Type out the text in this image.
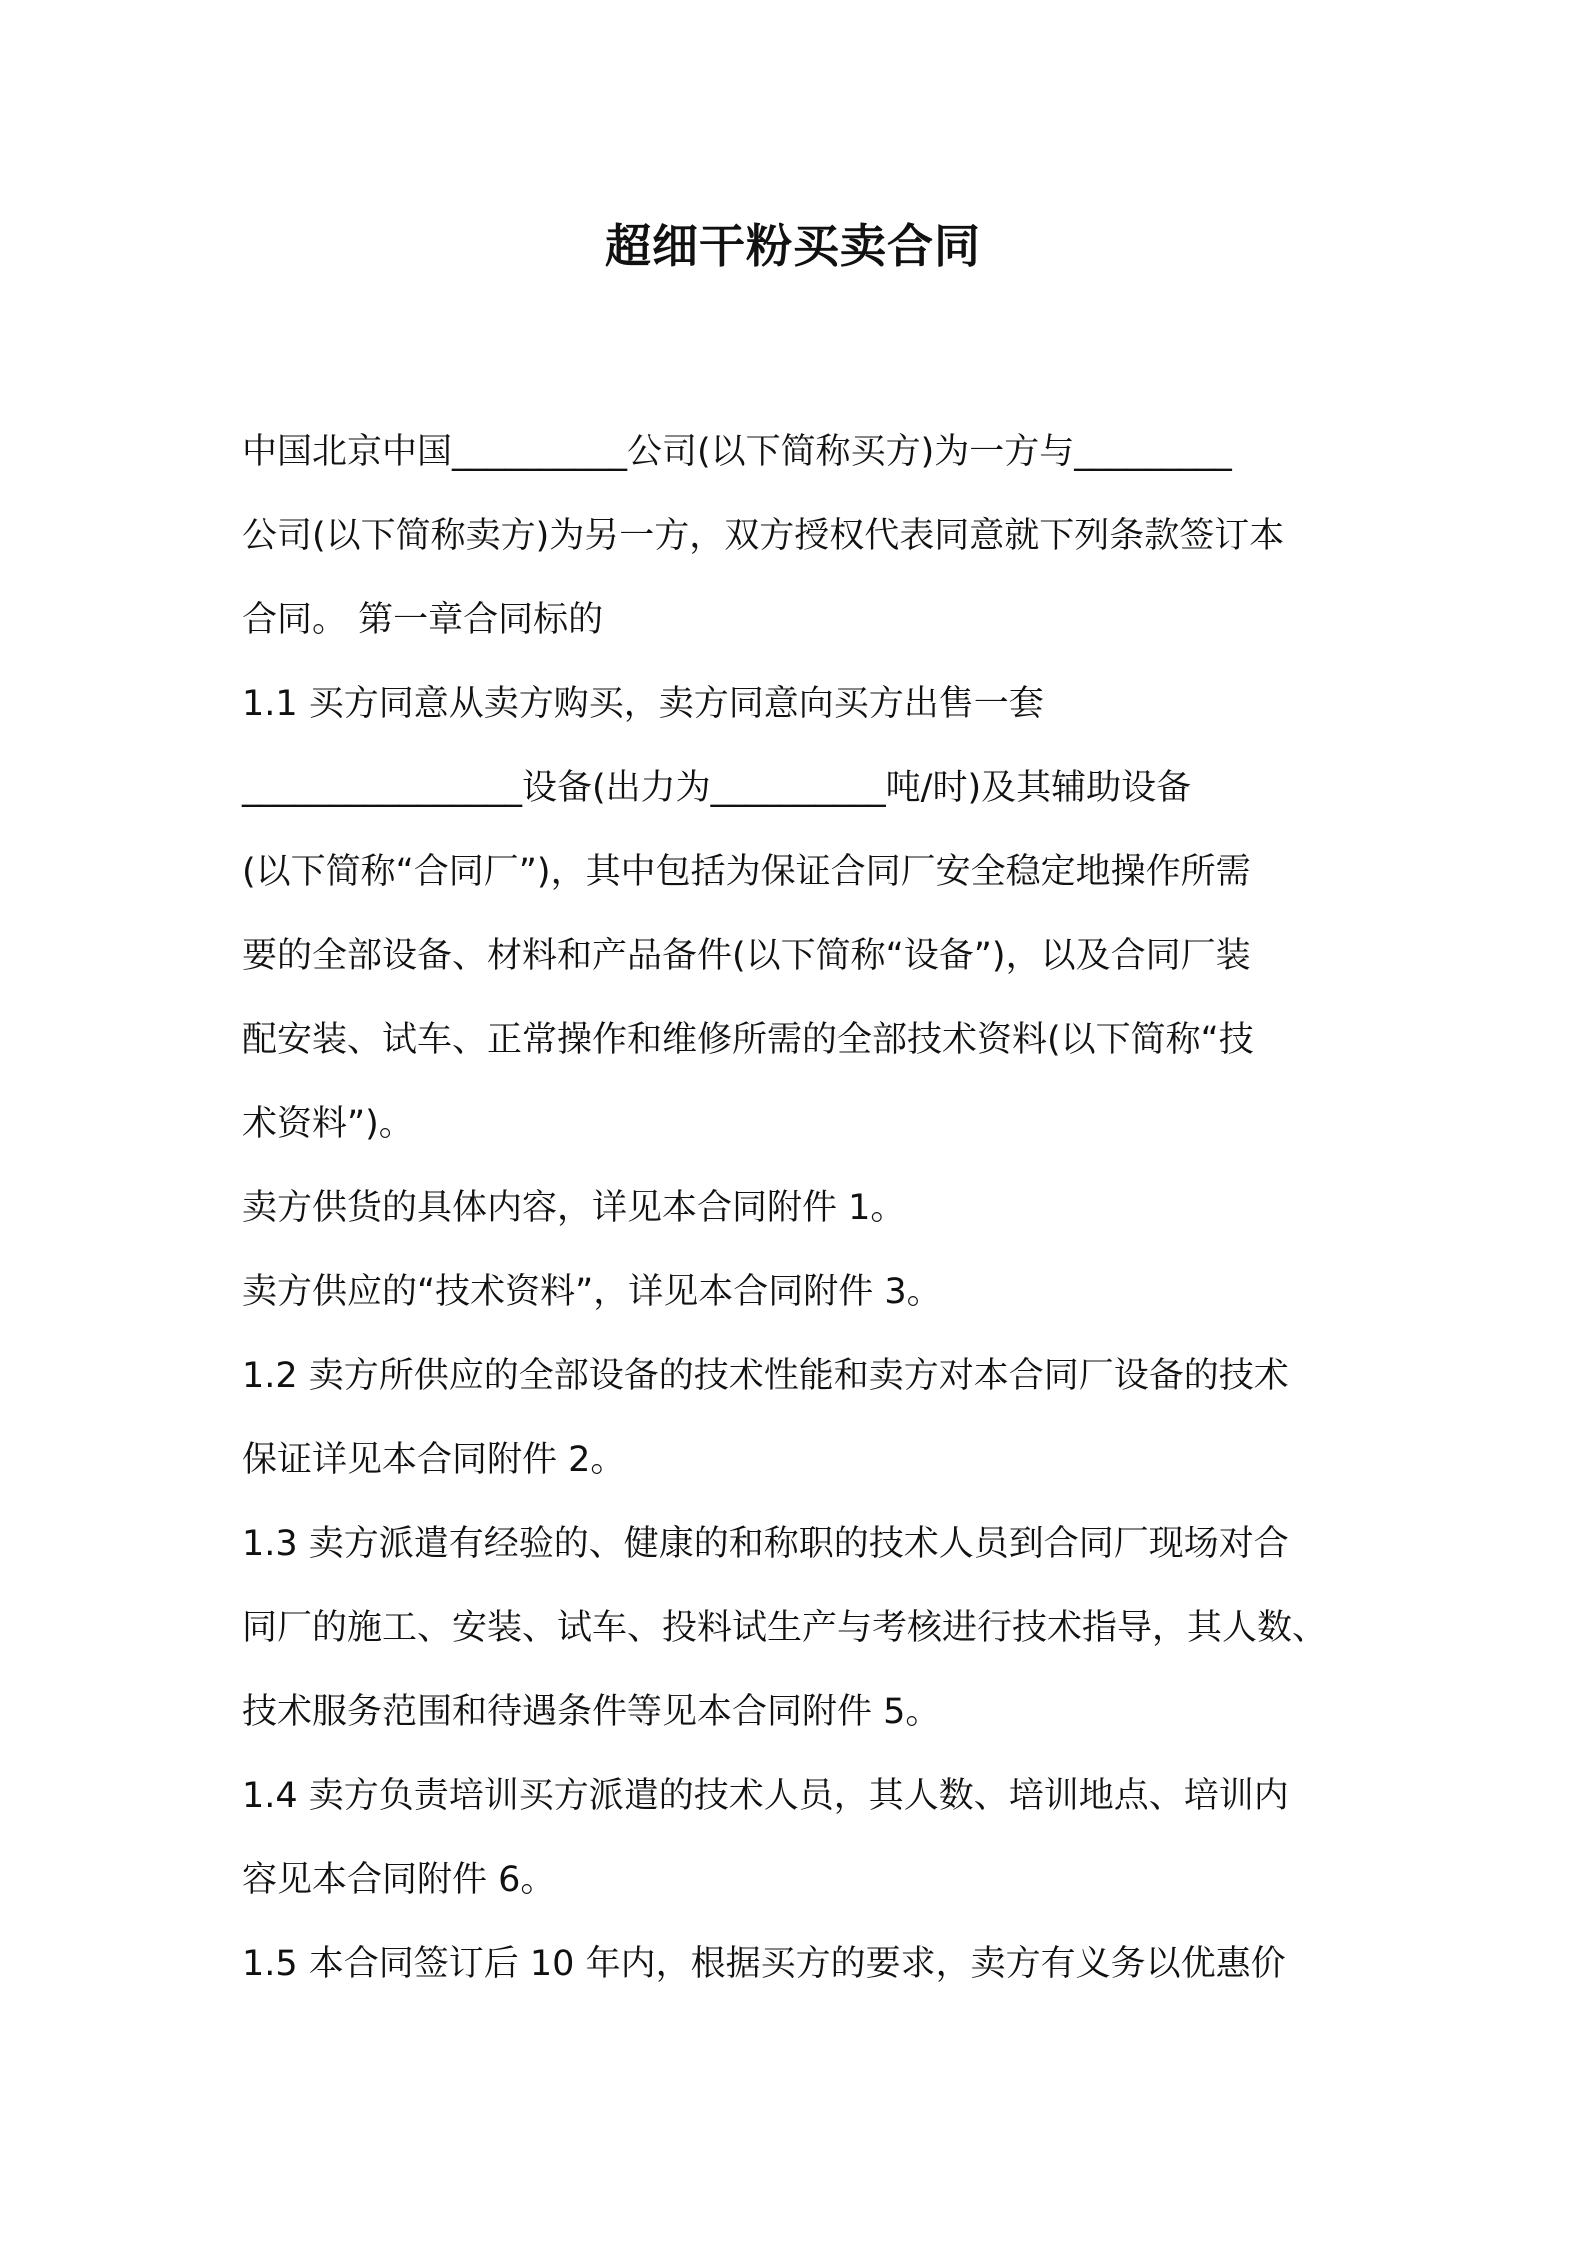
超细干粉买卖合同

中国北京中国__________公司(以下简称买方)为一方与_________

公司(以下简称卖方)为另一方，双方授权代表同意就下列条款签订本

合同。 第一章合同标的

1.1 买方同意从卖方购买，卖方同意向买方出售一套

________________设备(出力为__________吨/时)及其辅助设备

(以下简称“合同厂”)，其中包括为保证合同厂安全稳定地操作所需

要的全部设备、材料和产品备件(以下简称“设备”)，以及合同厂装

配安装、试车、正常操作和维修所需的全部技术资料(以下简称“技

术资料”)。

卖方供货的具体内容，详见本合同附件 1。

卖方供应的“技术资料”，详见本合同附件 3。

1.2 卖方所供应的全部设备的技术性能和卖方对本合同厂设备的技术

保证详见本合同附件 2。

1.3 卖方派遣有经验的、健康的和称职的技术人员到合同厂现场对合

同厂的施工、安装、试车、投料试生产与考核进行技术指导，其人数、

技术服务范围和待遇条件等见本合同附件 5。

1.4 卖方负责培训买方派遣的技术人员，其人数、培训地点、培训内

容见本合同附件 6。

1.5 本合同签订后 10 年内，根据买方的要求，卖方有义务以优惠价
